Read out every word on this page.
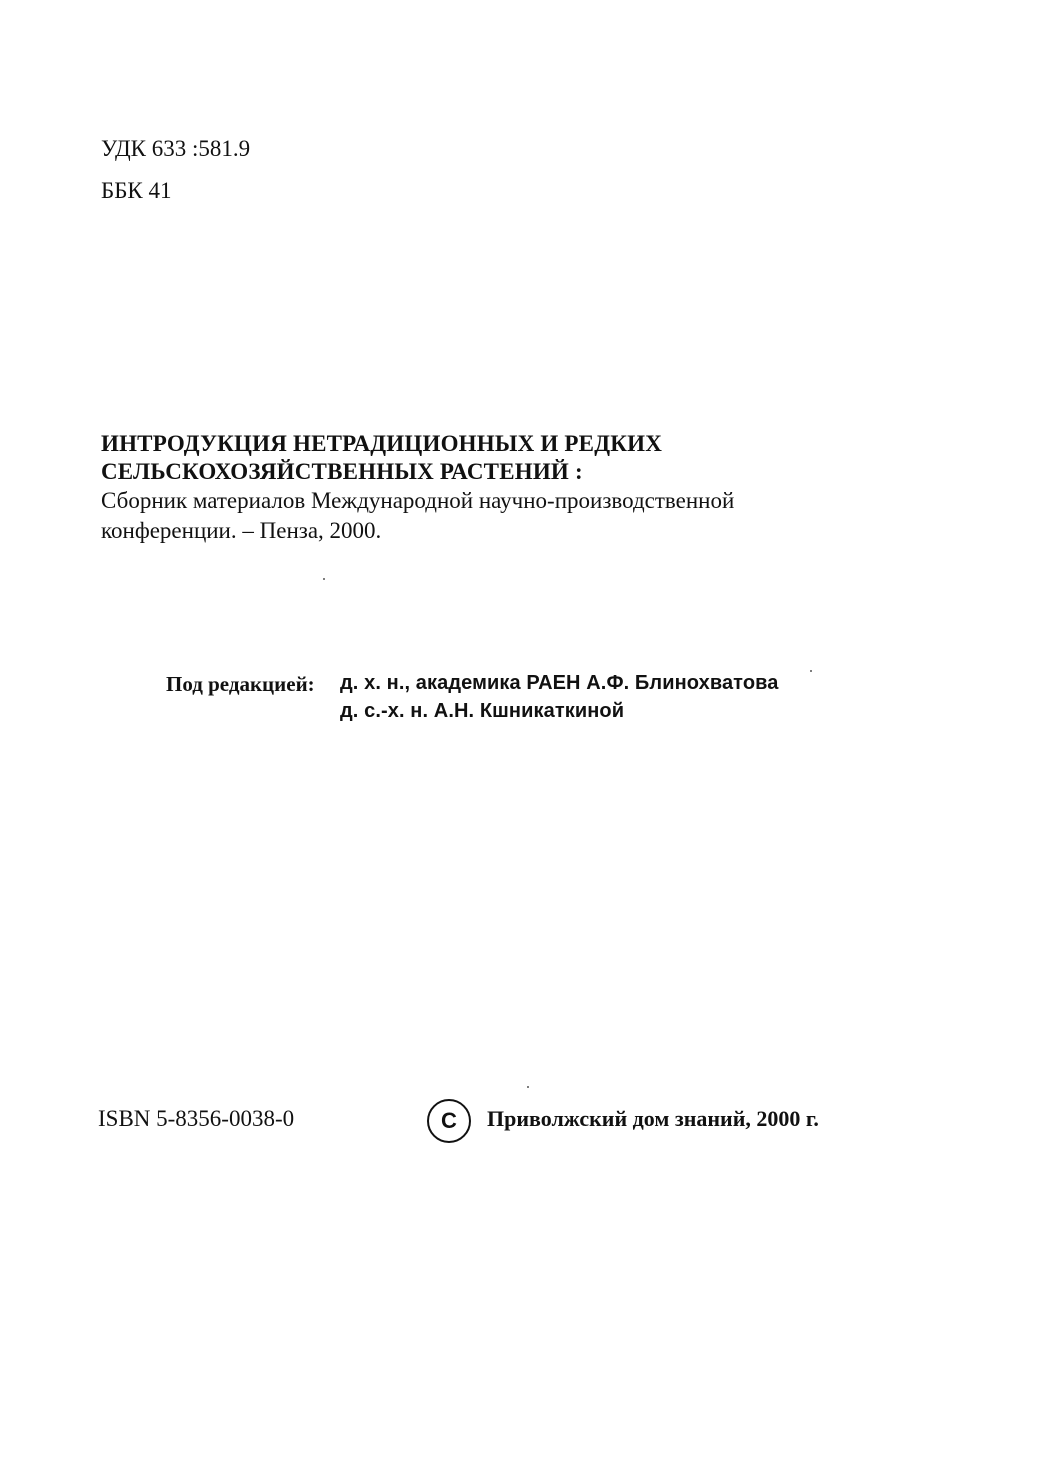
УДК 633 :581.9
ББК 41
ИНТРОДУКЦИЯ НЕТРАДИЦИОННЫХ И РЕДКИХ
СЕЛЬСКОХОЗЯЙСТВЕННЫХ РАСТЕНИЙ :
Сборник материалов Международной научно-производственной
конференции. – Пенза, 2000.
Под редакцией: д. х. н., академика РАЕН А.Ф. Блинохватова
д. с.-х. н. А.Н. Кшникаткиной
ISBN 5-8356-0038-0	C Приволжский дом знаний, 2000 г.
